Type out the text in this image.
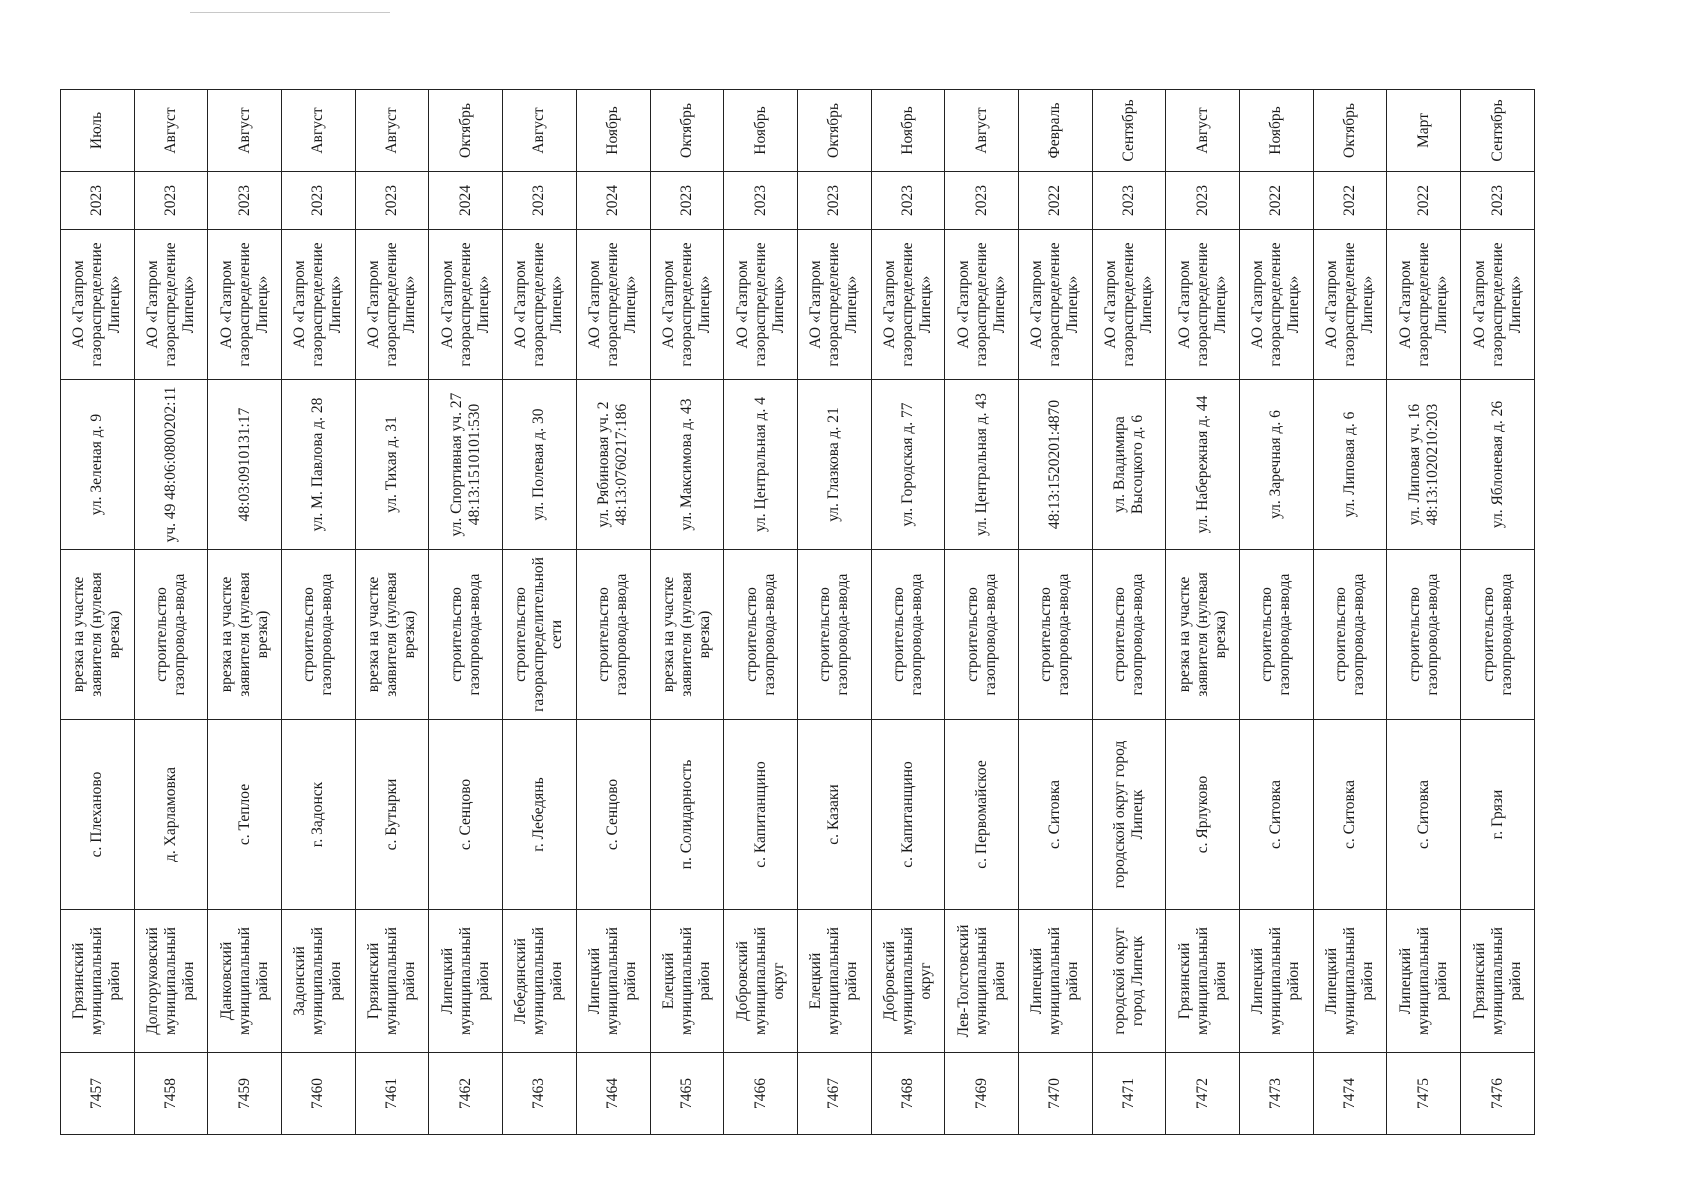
7457	Грязинский муниципальный район	с. Плеханово	врезка на участке заявителя (нулевая врезка)	ул. Зеленая д. 9	АО «Газпром газораспределение Липецк»	2023	Июль
7458	Долгоруковский муниципальный район	д. Харламовка	строительство газопровода-ввода	уч. 49 48:06:0800202:11	АО «Газпром газораспределение Липецк»	2023	Август
7459	Данковский муниципальный район	с. Теплое	врезка на участке заявителя (нулевая врезка)	48:03:0910131:17	АО «Газпром газораспределение Липецк»	2023	Август
7460	Задонский муниципальный район	г. Задонск	строительство газопровода-ввода	ул. М. Павлова д. 28	АО «Газпром газораспределение Липецк»	2023	Август
7461	Грязинский муниципальный район	с. Бутырки	врезка на участке заявителя (нулевая врезка)	ул. Тихая д. 31	АО «Газпром газораспределение Липецк»	2023	Август
7462	Липецкий муниципальный район	с. Сенцово	строительство газопровода-ввода	ул. Спортивная уч. 27 48:13:1510101:530	АО «Газпром газораспределение Липецк»	2024	Октябрь
7463	Лебедянский муниципальный район	г. Лебедянь	строительство газораспределительной сети	ул. Полевая д. 30	АО «Газпром газораспределение Липецк»	2023	Август
7464	Липецкий муниципальный район	с. Сенцово	строительство газопровода-ввода	ул. Рябиновая уч. 2 48:13:0760217:186	АО «Газпром газораспределение Липецк»	2024	Ноябрь
7465	Елецкий муниципальный район	п. Солидарность	врезка на участке заявителя (нулевая врезка)	ул. Максимова д. 43	АО «Газпром газораспределение Липецк»	2023	Октябрь
7466	Добровский муниципальный округ	с. Капитанщино	строительство газопровода-ввода	ул. Центральная д. 4	АО «Газпром газораспределение Липецк»	2023	Ноябрь
7467	Елецкий муниципальный район	с. Казаки	строительство газопровода-ввода	ул. Глазкова д. 21	АО «Газпром газораспределение Липецк»	2023	Октябрь
7468	Добровский муниципальный округ	с. Капитанщино	строительство газопровода-ввода	ул. Городская д. 77	АО «Газпром газораспределение Липецк»	2023	Ноябрь
7469	Лев-Толстовский муниципальный район	с. Первомайское	строительство газопровода-ввода	ул. Центральная д. 43	АО «Газпром газораспределение Липецк»	2023	Август
7470	Липецкий муниципальный район	с. Ситовка	строительство газопровода-ввода	48:13:1520201:4870	АО «Газпром газораспределение Липецк»	2022	Февраль
7471	городской округ город Липецк	городской округ город Липецк	строительство газопровода-ввода	ул. Владимира Высоцкого д. 6	АО «Газпром газораспределение Липецк»	2023	Сентябрь
7472	Грязинский муниципальный район	с. Ярлуково	врезка на участке заявителя (нулевая врезка)	ул. Набережная д. 44	АО «Газпром газораспределение Липецк»	2023	Август
7473	Липецкий муниципальный район	с. Ситовка	строительство газопровода-ввода	ул. Заречная д. 6	АО «Газпром газораспределение Липецк»	2022	Ноябрь
7474	Липецкий муниципальный район	с. Ситовка	строительство газопровода-ввода	ул. Липовая д. 6	АО «Газпром газораспределение Липецк»	2022	Октябрь
7475	Липецкий муниципальный район	с. Ситовка	строительство газопровода-ввода	ул. Липовая уч. 16 48:13:1020210:203	АО «Газпром газораспределение Липецк»	2022	Март
7476	Грязинский муниципальный район	г. Грязи	строительство газопровода-ввода	ул. Яблоневая д. 26	АО «Газпром газораспределение Липецк»	2023	Сентябрь
